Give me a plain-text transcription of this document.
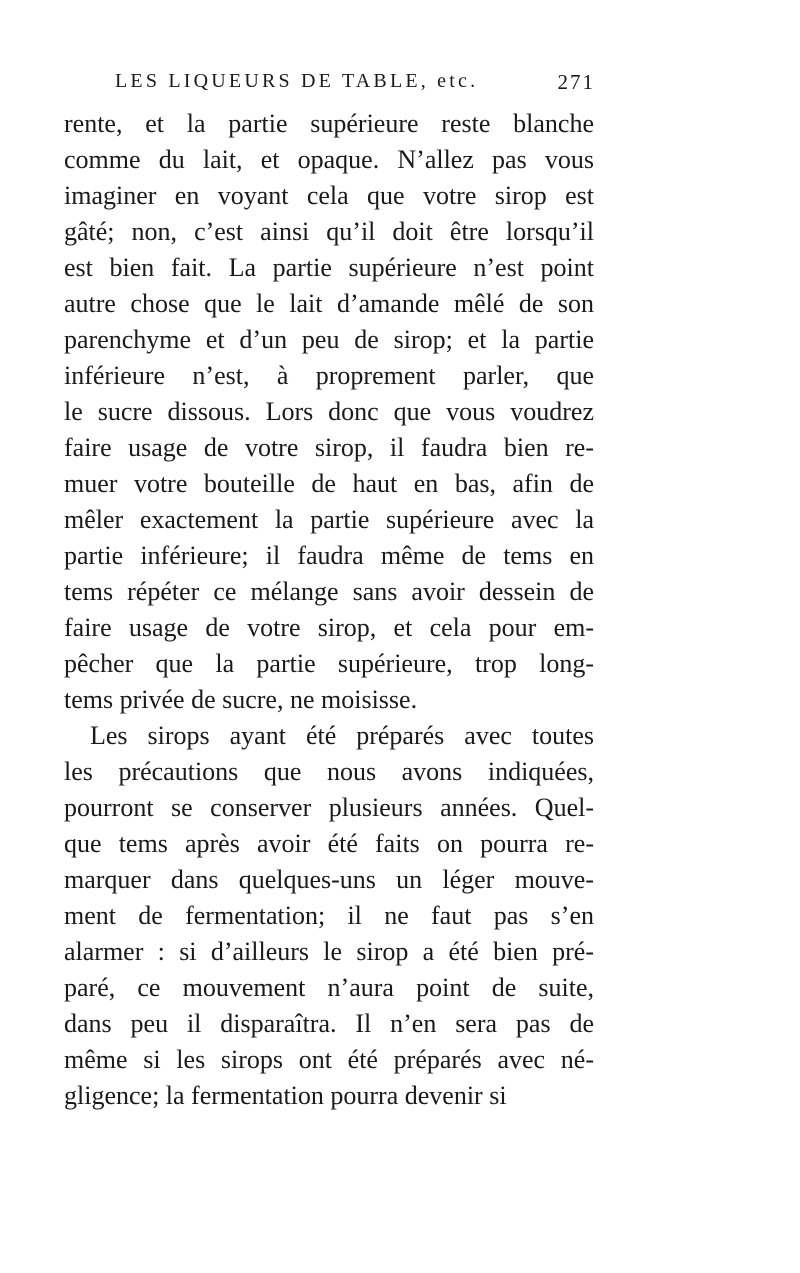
LES LIQUEURS DE TABLE, etc.	271
rente, et la partie supérieure reste blanche
comme du lait, et opaque. N’allez pas vous
imaginer en voyant cela que votre sirop est
gâté; non, c’est ainsi qu’il doit être lorsqu’il
est bien fait. La partie supérieure n’est point
autre chose que le lait d’amande mêlé de son
parenchyme et d’un peu de sirop; et la partie
inférieure n’est, à proprement parler, que
le sucre dissous. Lors donc que vous voudrez
faire usage de votre sirop, il faudra bien re-
muer votre bouteille de haut en bas, afin de
mêler exactement la partie supérieure avec la
partie inférieure; il faudra même de tems en
tems répéter ce mélange sans avoir dessein de
faire usage de votre sirop, et cela pour em-
pêcher que la partie supérieure, trop long-
tems privée de sucre, ne moisisse.
Les sirops ayant été préparés avec toutes
les précautions que nous avons indiquées,
pourront se conserver plusieurs années. Quel-
que tems après avoir été faits on pourra re-
marquer dans quelques-uns un léger mouve-
ment de fermentation; il ne faut pas s’en
alarmer : si d’ailleurs le sirop a été bien pré-
paré, ce mouvement n’aura point de suite,
dans peu il disparaîtra. Il n’en sera pas de
même si les sirops ont été préparés avec né-
gligence; la fermentation pourra devenir si
